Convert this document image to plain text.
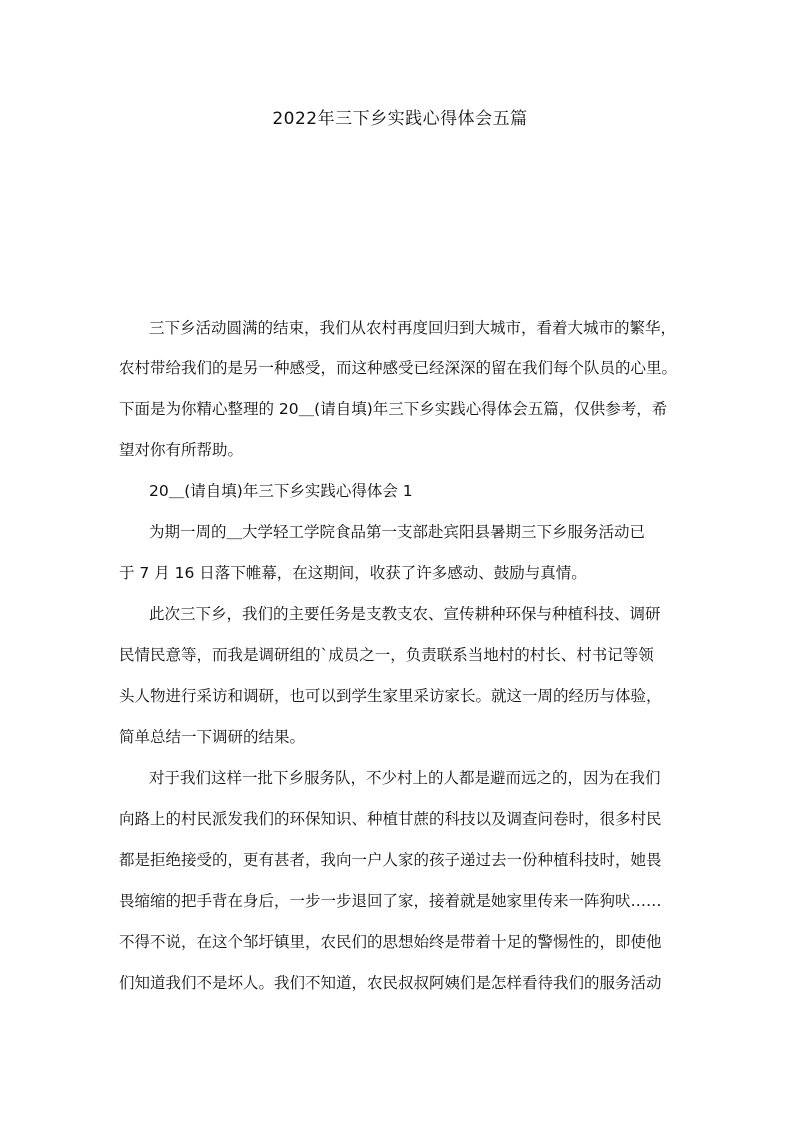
2022年三下乡实践心得体会五篇
三下乡活动圆满的结束，我们从农村再度回归到大城市，看着大城市的繁华，
农村带给我们的是另一种感受，而这种感受已经深深的留在我们每个队员的心里。
下面是为你精心整理的 20＿(请自填)年三下乡实践心得体会五篇，仅供参考，希
望对你有所帮助。
20＿(请自填)年三下乡实践心得体会 1
为期一周的＿大学轻工学院食品第一支部赴宾阳县暑期三下乡服务活动已
于 7 月 16 日落下帷幕，在这期间，收获了许多感动、鼓励与真情。
此次三下乡，我们的主要任务是支教支农、宣传耕种环保与种植科技、调研
民情民意等，而我是调研组的`成员之一，负责联系当地村的村长、村书记等领
头人物进行采访和调研，也可以到学生家里采访家长。就这一周的经历与体验，
简单总结一下调研的结果。
对于我们这样一批下乡服务队，不少村上的人都是避而远之的，因为在我们
向路上的村民派发我们的环保知识、种植甘蔗的科技以及调查问卷时，很多村民
都是拒绝接受的，更有甚者，我向一户人家的孩子递过去一份种植科技时，她畏
畏缩缩的把手背在身后，一步一步退回了家，接着就是她家里传来一阵狗吠……
不得不说，在这个邹圩镇里，农民们的思想始终是带着十足的警惕性的，即使他
们知道我们不是坏人。我们不知道，农民叔叔阿姨们是怎样看待我们的服务活动
